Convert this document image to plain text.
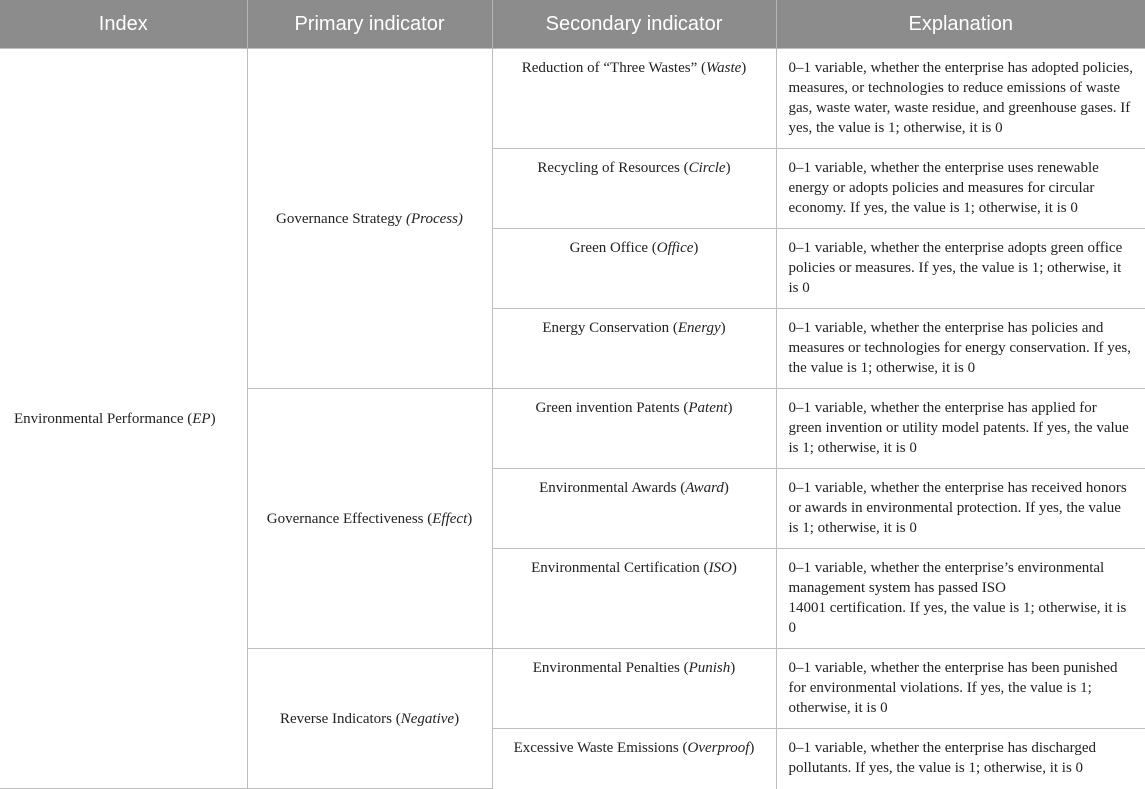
Index	Primary indicator	Secondary indicator	Explanation
Environmental Performance (EP)	Governance Strategy (Process)	Reduction of “Three Wastes” (Waste)	0–1 variable, whether the enterprise has adopted policies, measures, or technologies to reduce emissions of waste gas, waste water, waste residue, and greenhouse gases. If yes, the value is 1; otherwise, it is 0
		Recycling of Resources (Circle)	0–1 variable, whether the enterprise uses renewable energy or adopts policies and measures for circular economy. If yes, the value is 1; otherwise, it is 0
		Green Office (Office)	0–1 variable, whether the enterprise adopts green office policies or measures. If yes, the value is 1; otherwise, it is 0
		Energy Conservation (Energy)	0–1 variable, whether the enterprise has policies and measures or technologies for energy conservation. If yes, the value is 1; otherwise, it is 0
	Governance Effectiveness (Effect)	Green invention Patents (Patent)	0–1 variable, whether the enterprise has applied for green invention or utility model patents. If yes, the value is 1; otherwise, it is 0
		Environmental Awards (Award)	0–1 variable, whether the enterprise has received honors or awards in environmental protection. If yes, the value is 1; otherwise, it is 0
		Environmental Certification (ISO)	0–1 variable, whether the enterprise’s environmental management system has passed ISO
14001 certification. If yes, the value is 1; otherwise, it is 0
	Reverse Indicators (Negative)	Environmental Penalties (Punish)	0–1 variable, whether the enterprise has been punished for environmental violations. If yes, the value is 1; otherwise, it is 0
		Excessive Waste Emissions (Overproof)	0–1 variable, whether the enterprise has discharged pollutants. If yes, the value is 1; otherwise, it is 0
